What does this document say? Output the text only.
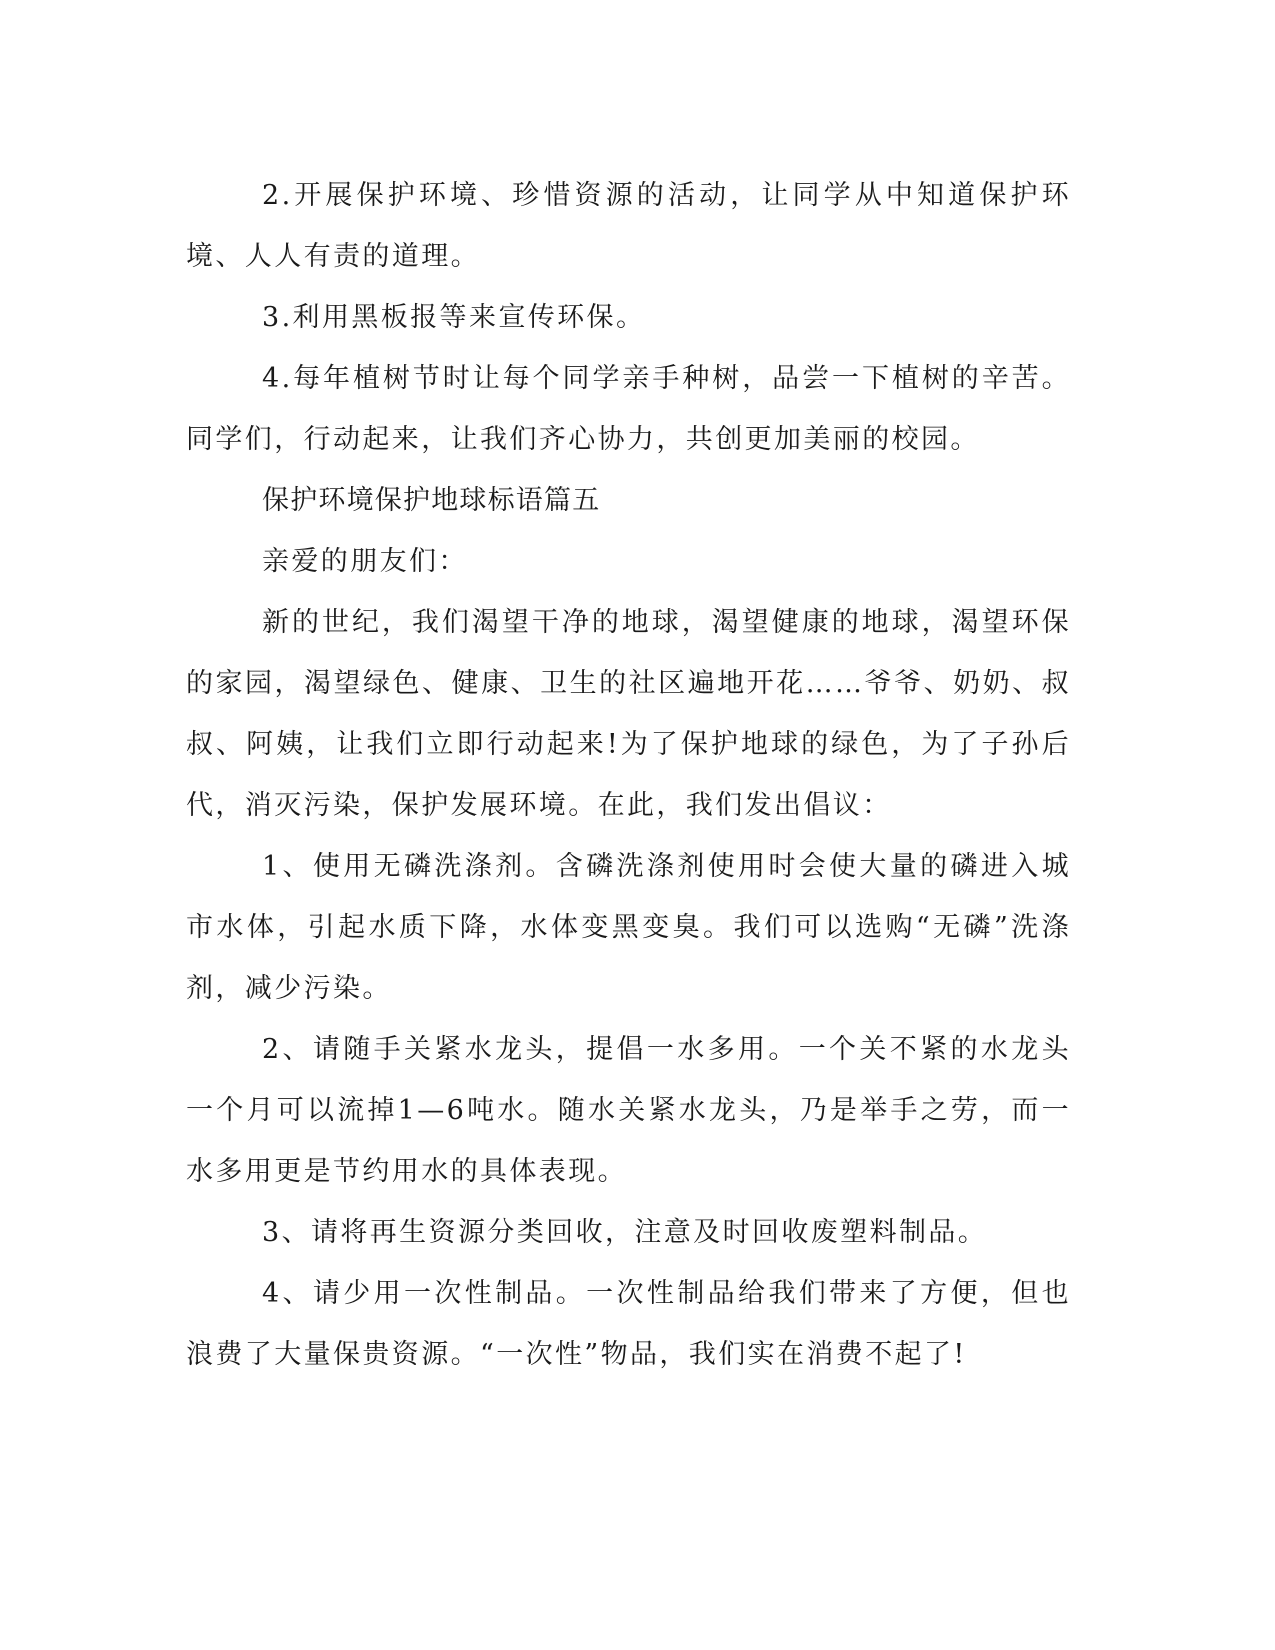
2.开展保护环境、珍惜资源的活动，让同学从中知道保护环境、人人有责的道理。

3.利用黑板报等来宣传环保。

4.每年植树节时让每个同学亲手种树，品尝一下植树的辛苦。同学们，行动起来，让我们齐心协力，共创更加美丽的校园。

保护环境保护地球标语篇五

亲爱的朋友们：

新的世纪，我们渴望干净的地球，渴望健康的地球，渴望环保的家园，渴望绿色、健康、卫生的社区遍地开花……爷爷、奶奶、叔叔、阿姨，让我们立即行动起来!为了保护地球的绿色，为了子孙后代，消灭污染，保护发展环境。在此，我们发出倡议：

1、使用无磷洗涤剂。含磷洗涤剂使用时会使大量的磷进入城市水体，引起水质下降，水体变黑变臭。我们可以选购“无磷”洗涤剂，减少污染。

2、请随手关紧水龙头，提倡一水多用。一个关不紧的水龙头一个月可以流掉1—6吨水。随水关紧水龙头，乃是举手之劳，而一水多用更是节约用水的具体表现。

3、请将再生资源分类回收，注意及时回收废塑料制品。

4、请少用一次性制品。一次性制品给我们带来了方便，但也浪费了大量保贵资源。“一次性”物品，我们实在消费不起了!
